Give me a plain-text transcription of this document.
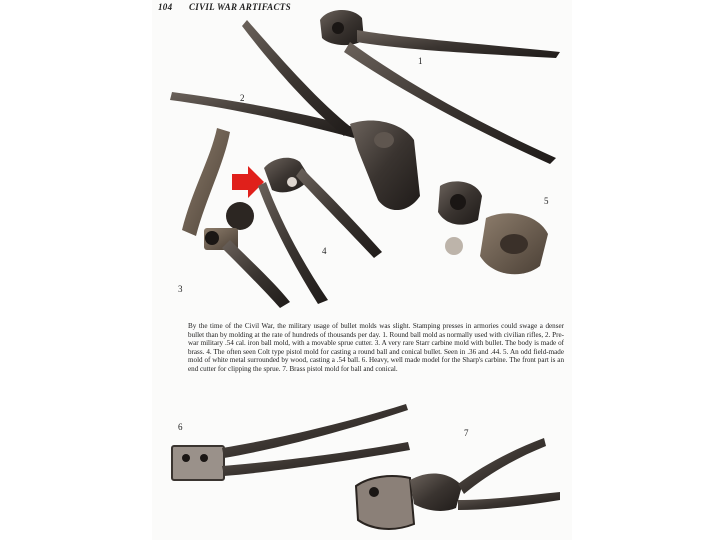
104 CIVIL WAR ARTIFACTS
1
2
3
4
5
By the time of the Civil War, the military usage of bullet molds was slight. Stamping presses in armories could swage a denser bullet than by molding at the rate of hundreds of thousands per day. 1. Round ball mold as normally used with civilian rifles, 2. Pre-war military .54 cal. iron ball mold, with a movable sprue cutter. 3. A very rare Starr carbine mold with bullet. The body is made of brass. 4. The often seen Colt type pistol mold for casting a round ball and conical bullet. Seen in .36 and .44. 5. An odd field-made mold of white metal surrounded by wood, casting a .54 ball. 6. Heavy, well made model for the Sharp's carbine. The front part is an end cutter for clipping the sprue. 7. Brass pistol mold for ball and conical.
6
7
